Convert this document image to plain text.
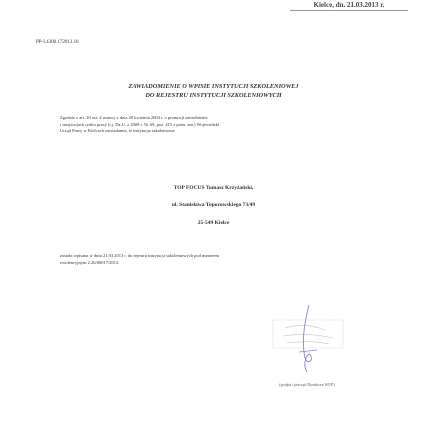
Kielce, dn. 21.03.2013 r.
PP-I.4300.172013.18
ZAWIADOMIENIE O WPISIE INSTYTUCJI SZKOLENIOWEJ
DO REJESTRU INSTYTUCJI SZKOLENIOWYCH
Zgodnie z art. 20 ust. 4 ustawy z dnia 20 kwietnia 2004 r. o promocji zatrudnienia
i instytucjach rynku pracy (t.j. Dz.U. z 2008 r. Nr 69, poz. 415 z późn. zm.) Wojewódzki
Urząd Pracy w Kielcach zawiadamia, iż instytucja szkoleniowa:
TOP FOCUS Tomasz Krzyżański,
ul. Stanisława Toporowskiego 73/49
25-549 Kielce
została wpisana w dniu 21.03.2013 r. do rejestru instytucji szkoleniowych pod numerem
ewidencyjnym 2.26/00017/2013.
(podpis i pieczęć Dyrektora WUP)
